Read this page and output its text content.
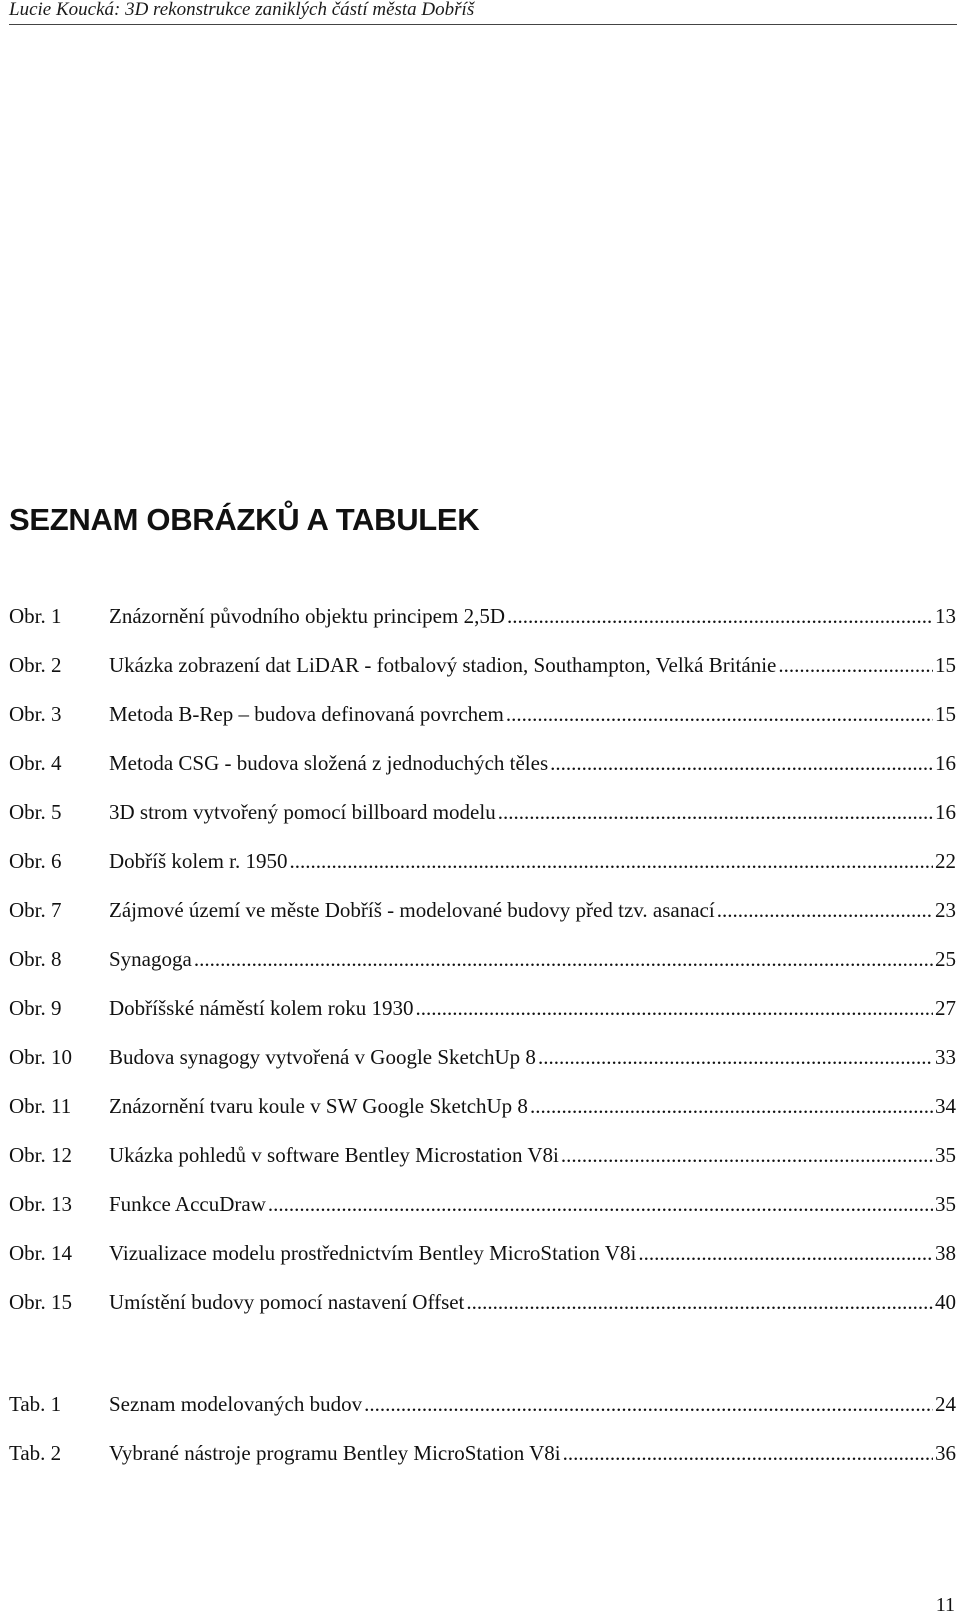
Lucie Koucká: 3D rekonstrukce zaniklých částí města Dobříš
SEZNAM OBRÁZKŮ A TABULEK
Obr. 1	Znázornění původního objektu principem 2,5D .....	13
Obr. 2	Ukázka zobrazení dat LiDAR - fotbalový stadion, Southampton, Velká Británie .....	15
Obr. 3	Metoda B-Rep – budova definovaná povrchem .....	15
Obr. 4	Metoda CSG - budova složená z jednoduchých těles .....	16
Obr. 5	3D strom vytvořený pomocí billboard modelu .....	16
Obr. 6	Dobříš kolem r. 1950 .....	22
Obr. 7	Zájmové území ve měste Dobříš - modelované budovy před tzv. asanací .....	23
Obr. 8	Synagoga .....	25
Obr. 9	Dobříšské náměstí kolem roku 1930 .....	27
Obr. 10	Budova synagogy vytvořená v Google SketchUp 8 .....	33
Obr. 11	Znázornění tvaru koule v SW Google SketchUp 8 .....	34
Obr. 12	Ukázka pohledů v software Bentley Microstation V8i .....	35
Obr. 13	Funkce AccuDraw .....	35
Obr. 14	Vizualizace modelu prostřednictvím Bentley MicroStation V8i .....	38
Obr. 15	Umístění budovy pomocí nastavení Offset .....	40
Tab. 1	Seznam modelovaných budov .....	24
Tab. 2	Vybrané nástroje programu Bentley MicroStation V8i .....	36
11
